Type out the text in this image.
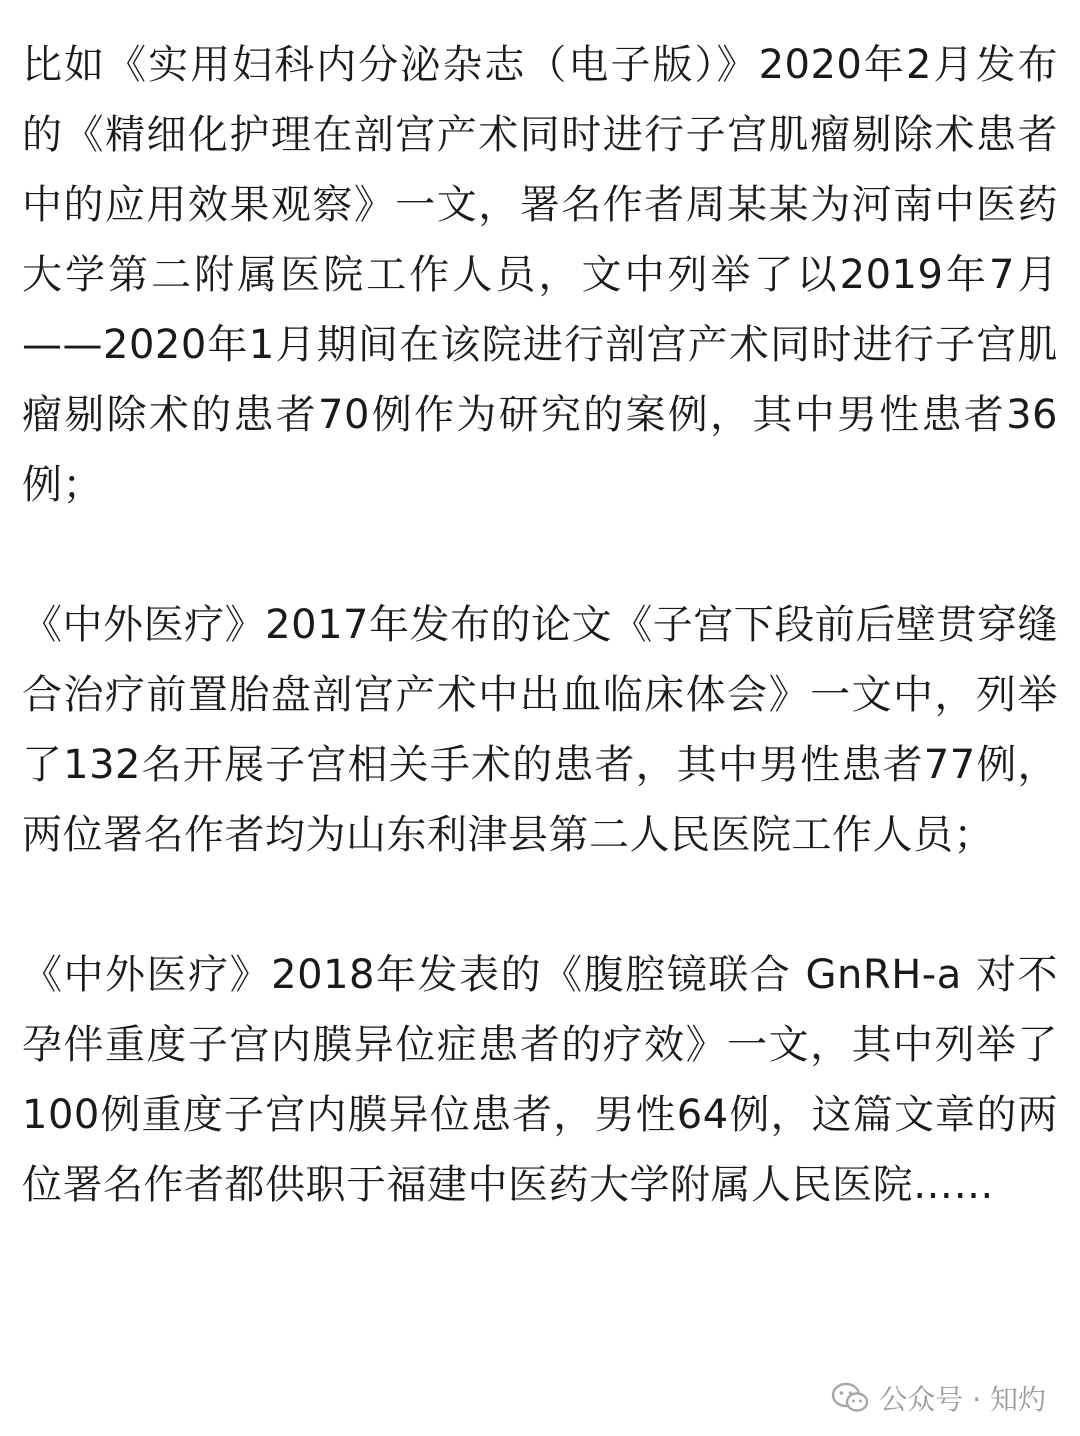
比如《实用妇科内分泌杂志（电子版）》2020年2月发布的《精细化护理在剖宫产术同时进行子宫肌瘤剔除术患者中的应用效果观察》一文，署名作者周某某为河南中医药大学第二附属医院工作人员，文中列举了以2019年7月——2020年1月期间在该院进行剖宫产术同时进行子宫肌瘤剔除术的患者70例作为研究的案例，其中男性患者36例；

《中外医疗》2017年发布的论文《子宫下段前后壁贯穿缝合治疗前置胎盘剖宫产术中出血临床体会》一文中，列举了132名开展子宫相关手术的患者，其中男性患者77例，两位署名作者均为山东利津县第二人民医院工作人员；

《中外医疗》2018年发表的《腹腔镜联合 GnRH-a 对不孕伴重度子宫内膜异位症患者的疗效》一文，其中列举了100例重度子宫内膜异位患者，男性64例，这篇文章的两位署名作者都供职于福建中医药大学附属人民医院……

公众号 · 知灼
